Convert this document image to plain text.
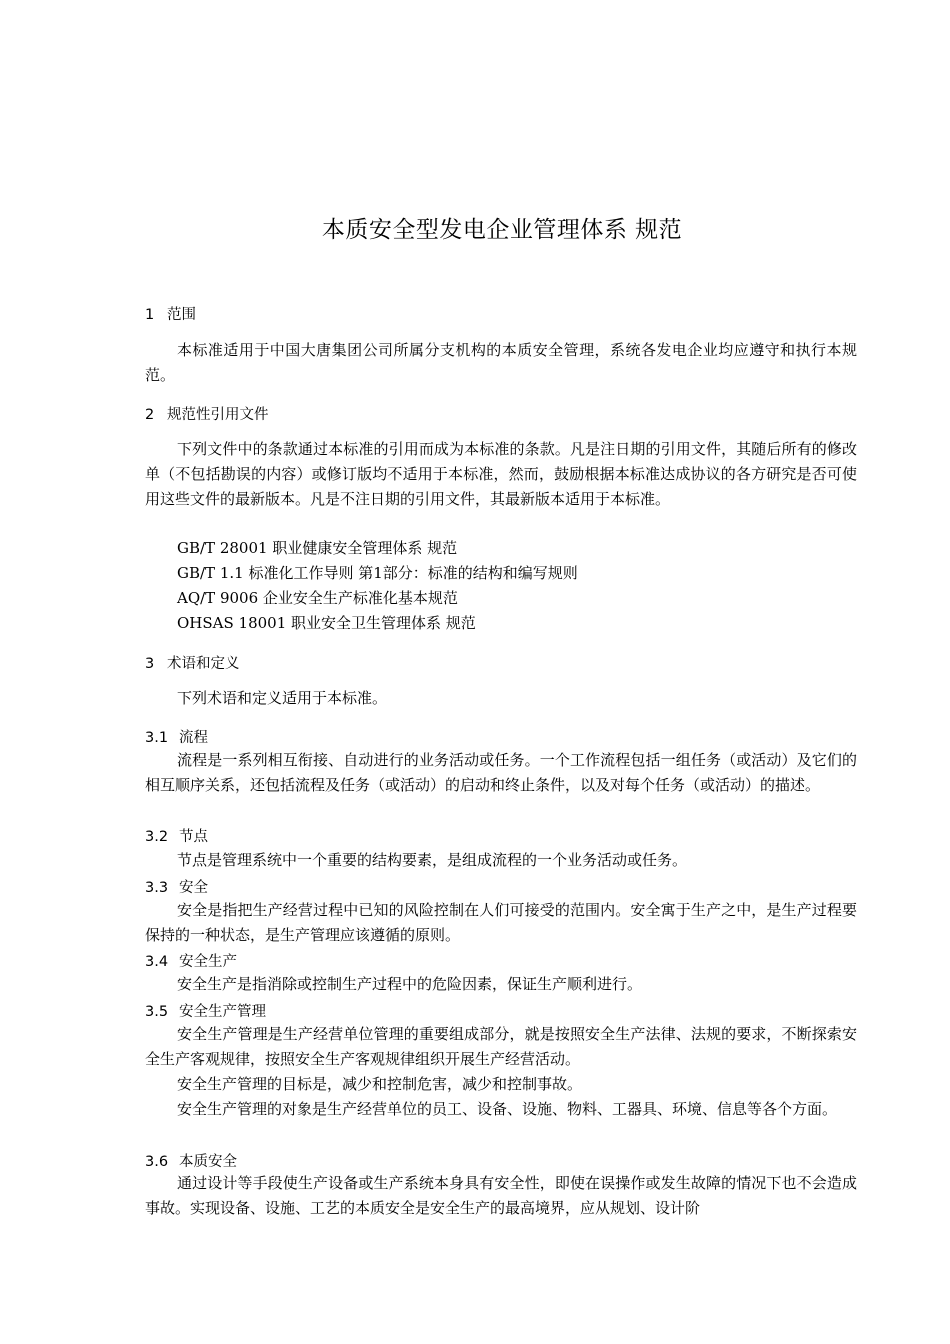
本质安全型发电企业管理体系 规范
1 范围
本标准适用于中国大唐集团公司所属分支机构的本质安全管理，系统各发电企业均应遵守和执行本规范。
2 规范性引用文件
下列文件中的条款通过本标准的引用而成为本标准的条款。凡是注日期的引用文件，其随后所有的修改单（不包括勘误的内容）或修订版均不适用于本标准，然而，鼓励根据本标准达成协议的各方研究是否可使用这些文件的最新版本。凡是不注日期的引用文件，其最新版本适用于本标准。
GB/T 28001 职业健康安全管理体系 规范
GB/T 1.1 标准化工作导则 第1部分：标准的结构和编写规则
AQ/T 9006 企业安全生产标准化基本规范
OHSAS 18001 职业安全卫生管理体系 规范
3 术语和定义
下列术语和定义适用于本标准。
3.1 流程
流程是一系列相互衔接、自动进行的业务活动或任务。一个工作流程包括一组任务（或活动）及它们的相互顺序关系，还包括流程及任务（或活动）的启动和终止条件，以及对每个任务（或活动）的描述。
3.2 节点
节点是管理系统中一个重要的结构要素，是组成流程的一个业务活动或任务。
3.3 安全
安全是指把生产经营过程中已知的风险控制在人们可接受的范围内。安全寓于生产之中，是生产过程要保持的一种状态，是生产管理应该遵循的原则。
3.4 安全生产
安全生产是指消除或控制生产过程中的危险因素，保证生产顺利进行。
3.5 安全生产管理
安全生产管理是生产经营单位管理的重要组成部分，就是按照安全生产法律、法规的要求，不断探索安全生产客观规律，按照安全生产客观规律组织开展生产经营活动。
安全生产管理的目标是，减少和控制危害，减少和控制事故。
安全生产管理的对象是生产经营单位的员工、设备、设施、物料、工器具、环境、信息等各个方面。
3.6 本质安全
通过设计等手段使生产设备或生产系统本身具有安全性，即使在误操作或发生故障的情况下也不会造成事故。实现设备、设施、工艺的本质安全是安全生产的最高境界，应从规划、设计阶
